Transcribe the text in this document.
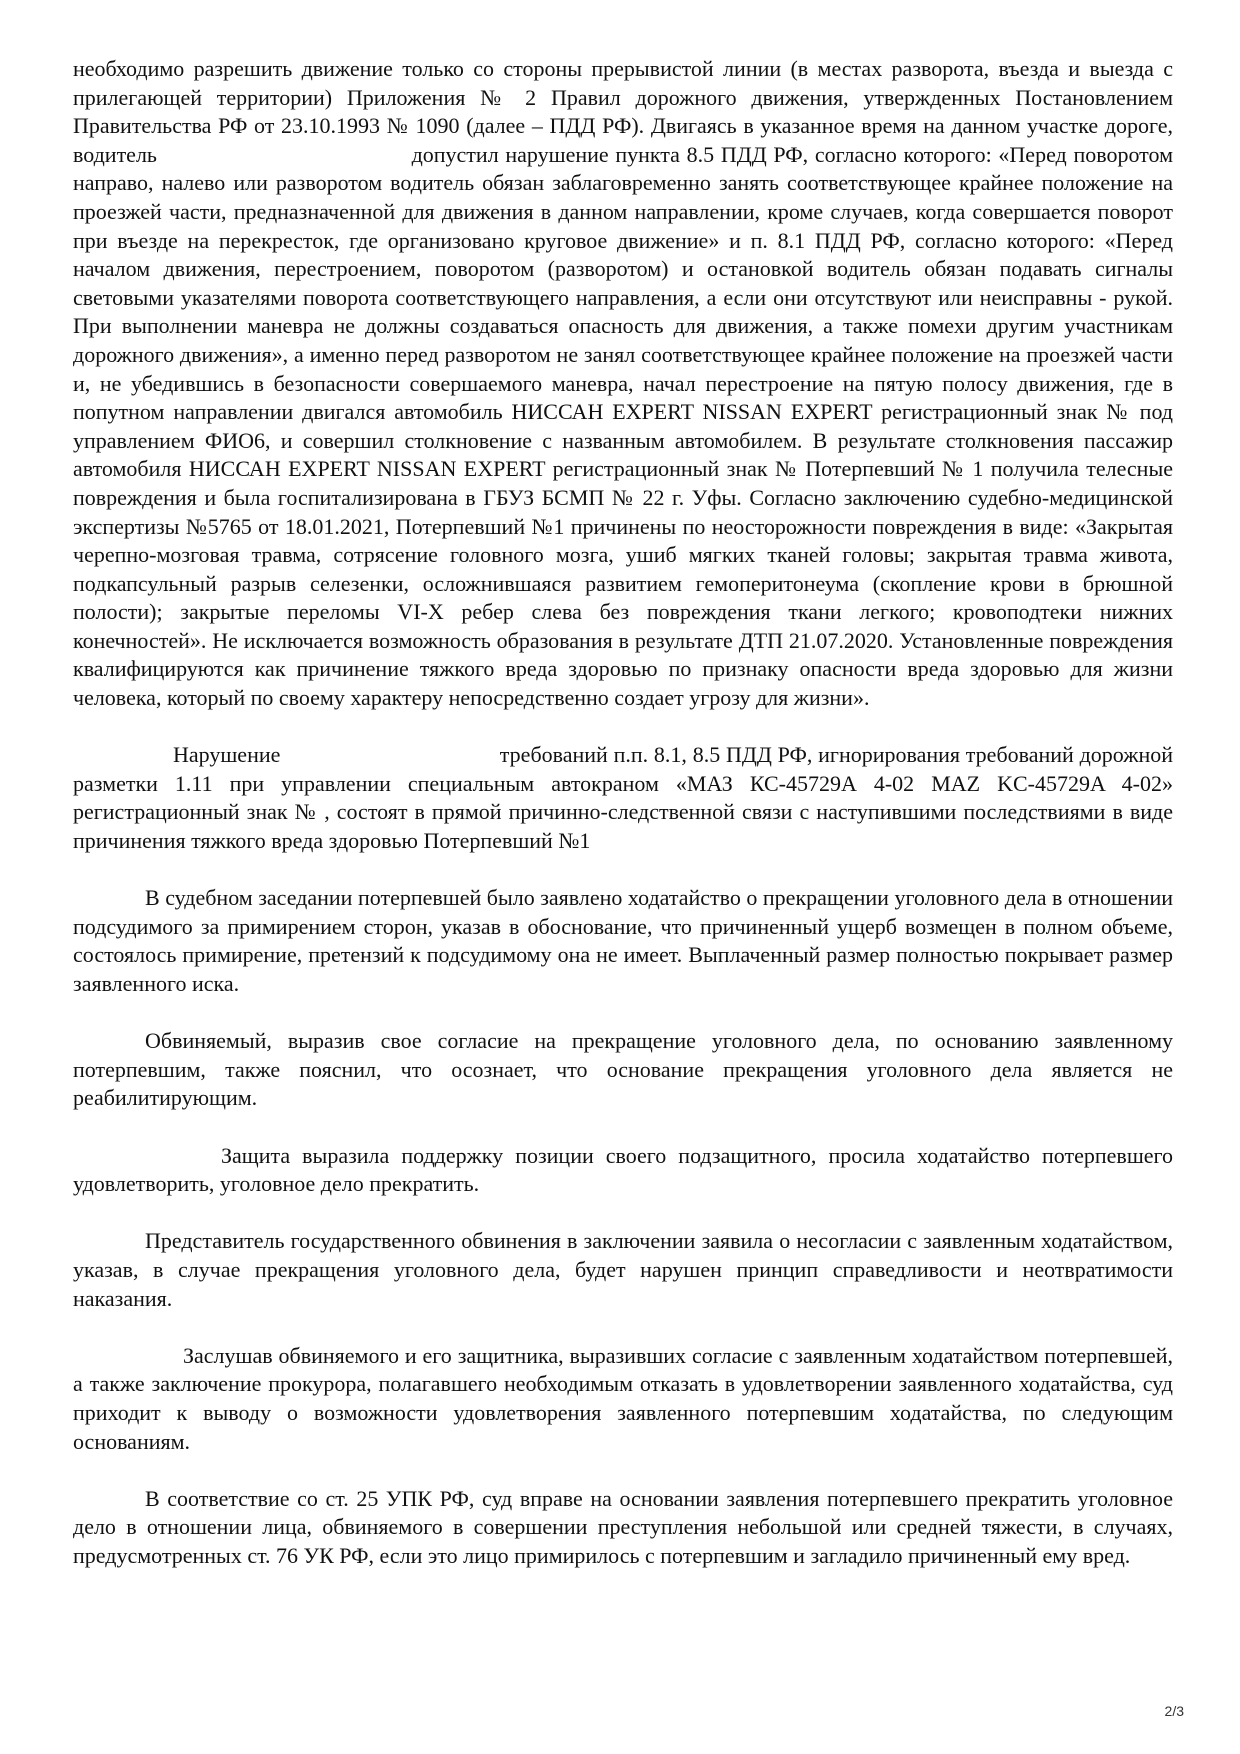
необходимо разрешить движение только со стороны прерывистой линии (в местах разворота, въезда и выезда с прилегающей территории) Приложения № 2 Правил дорожного движения, утвержденных Постановлением Правительства РФ от 23.10.1993 № 1090 (далее – ПДД РФ). Двигаясь в указанное время на данном участке дороге, водитель                                      допустил нарушение пункта 8.5 ПДД РФ, согласно которого: «Перед поворотом направо, налево или разворотом водитель обязан заблаговременно занять соответствующее крайнее положение на проезжей части, предназначенной для движения в данном направлении, кроме случаев, когда совершается поворот при въезде на перекресток, где организовано круговое движение» и п. 8.1 ПДД РФ, согласно которого: «Перед началом движения, перестроением, поворотом (разворотом) и остановкой водитель обязан подавать сигналы световыми указателями поворота соответствующего направления, а если они отсутствуют или неисправны - рукой. При выполнении маневра не должны создаваться опасность для движения, а также помехи другим участникам дорожного движения», а именно перед разворотом не занял соответствующее крайнее положение на проезжей части и, не убедившись в безопасности совершаемого маневра, начал перестроение на пятую полосу движения, где в попутном направлении двигался автомобиль НИССАН EXPERT NISSAN EXPERT регистрационный знак № под управлением ФИО6, и совершил столкновение с названным автомобилем. В результате столкновения пассажир автомобиля НИССАН EXPERT NISSAN EXPERT регистрационный знак № Потерпевший № 1 получила телесные повреждения и была госпитализирована в ГБУЗ БСМП № 22 г. Уфы. Согласно заключению судебно-медицинской экспертизы №5765 от 18.01.2021, Потерпевший №1 причинены по неосторожности повреждения в виде: «Закрытая черепно-мозговая травма, сотрясение головного мозга, ушиб мягких тканей головы; закрытая травма живота, подкапсульный разрыв селезенки, осложнившаяся развитием гемоперитонеума (скопление крови в брюшной полости); закрытые переломы VI-X ребер слева без повреждения ткани легкого; кровоподтеки нижних конечностей». Не исключается возможность образования в результате ДТП 21.07.2020. Установленные повреждения квалифицируются как причинение тяжкого вреда здоровью по признаку опасности вреда здоровью для жизни человека, который по своему характеру непосредственно создает угрозу для жизни».

Нарушение                                      требований п.п. 8.1, 8.5 ПДД РФ, игнорирования требований дорожной разметки 1.11 при управлении специальным автокраном «МАЗ КС-45729А 4-02 MAZ KC-45729A 4-02» регистрационный знак № , состоят в прямой причинно-следственной связи с наступившими последствиями в виде причинения тяжкого вреда здоровью Потерпевший №1

В судебном заседании потерпевшей было заявлено ходатайство о прекращении уголовного дела в отношении подсудимого за примирением сторон, указав в обоснование, что причиненный ущерб возмещен в полном объеме, состоялось примирение, претензий к подсудимому она не имеет. Выплаченный размер полностью покрывает размер заявленного иска.

Обвиняемый, выразив свое согласие на прекращение уголовного дела, по основанию заявленному потерпевшим, также пояснил, что осознает, что основание прекращения уголовного дела является не реабилитирующим.

Защита выразила поддержку позиции своего подзащитного, просила ходатайство потерпевшего удовлетворить, уголовное дело прекратить.

Представитель государственного обвинения в заключении заявила о несогласии с заявленным ходатайством, указав, в случае прекращения уголовного дела, будет нарушен принцип справедливости и неотвратимости наказания.

Заслушав обвиняемого и его защитника, выразивших согласие с заявленным ходатайством потерпевшей, а также заключение прокурора, полагавшего необходимым отказать в удовлетворении заявленного ходатайства, суд приходит к выводу о возможности удовлетворения заявленного потерпевшим ходатайства, по следующим основаниям.

В соответствие со ст. 25 УПК РФ, суд вправе на основании заявления потерпевшего прекратить уголовное дело в отношении лица, обвиняемого в совершении преступления небольшой или средней тяжести, в случаях, предусмотренных ст. 76 УК РФ, если это лицо примирилось с потерпевшим и загладило причиненный ему вред.

2/3
